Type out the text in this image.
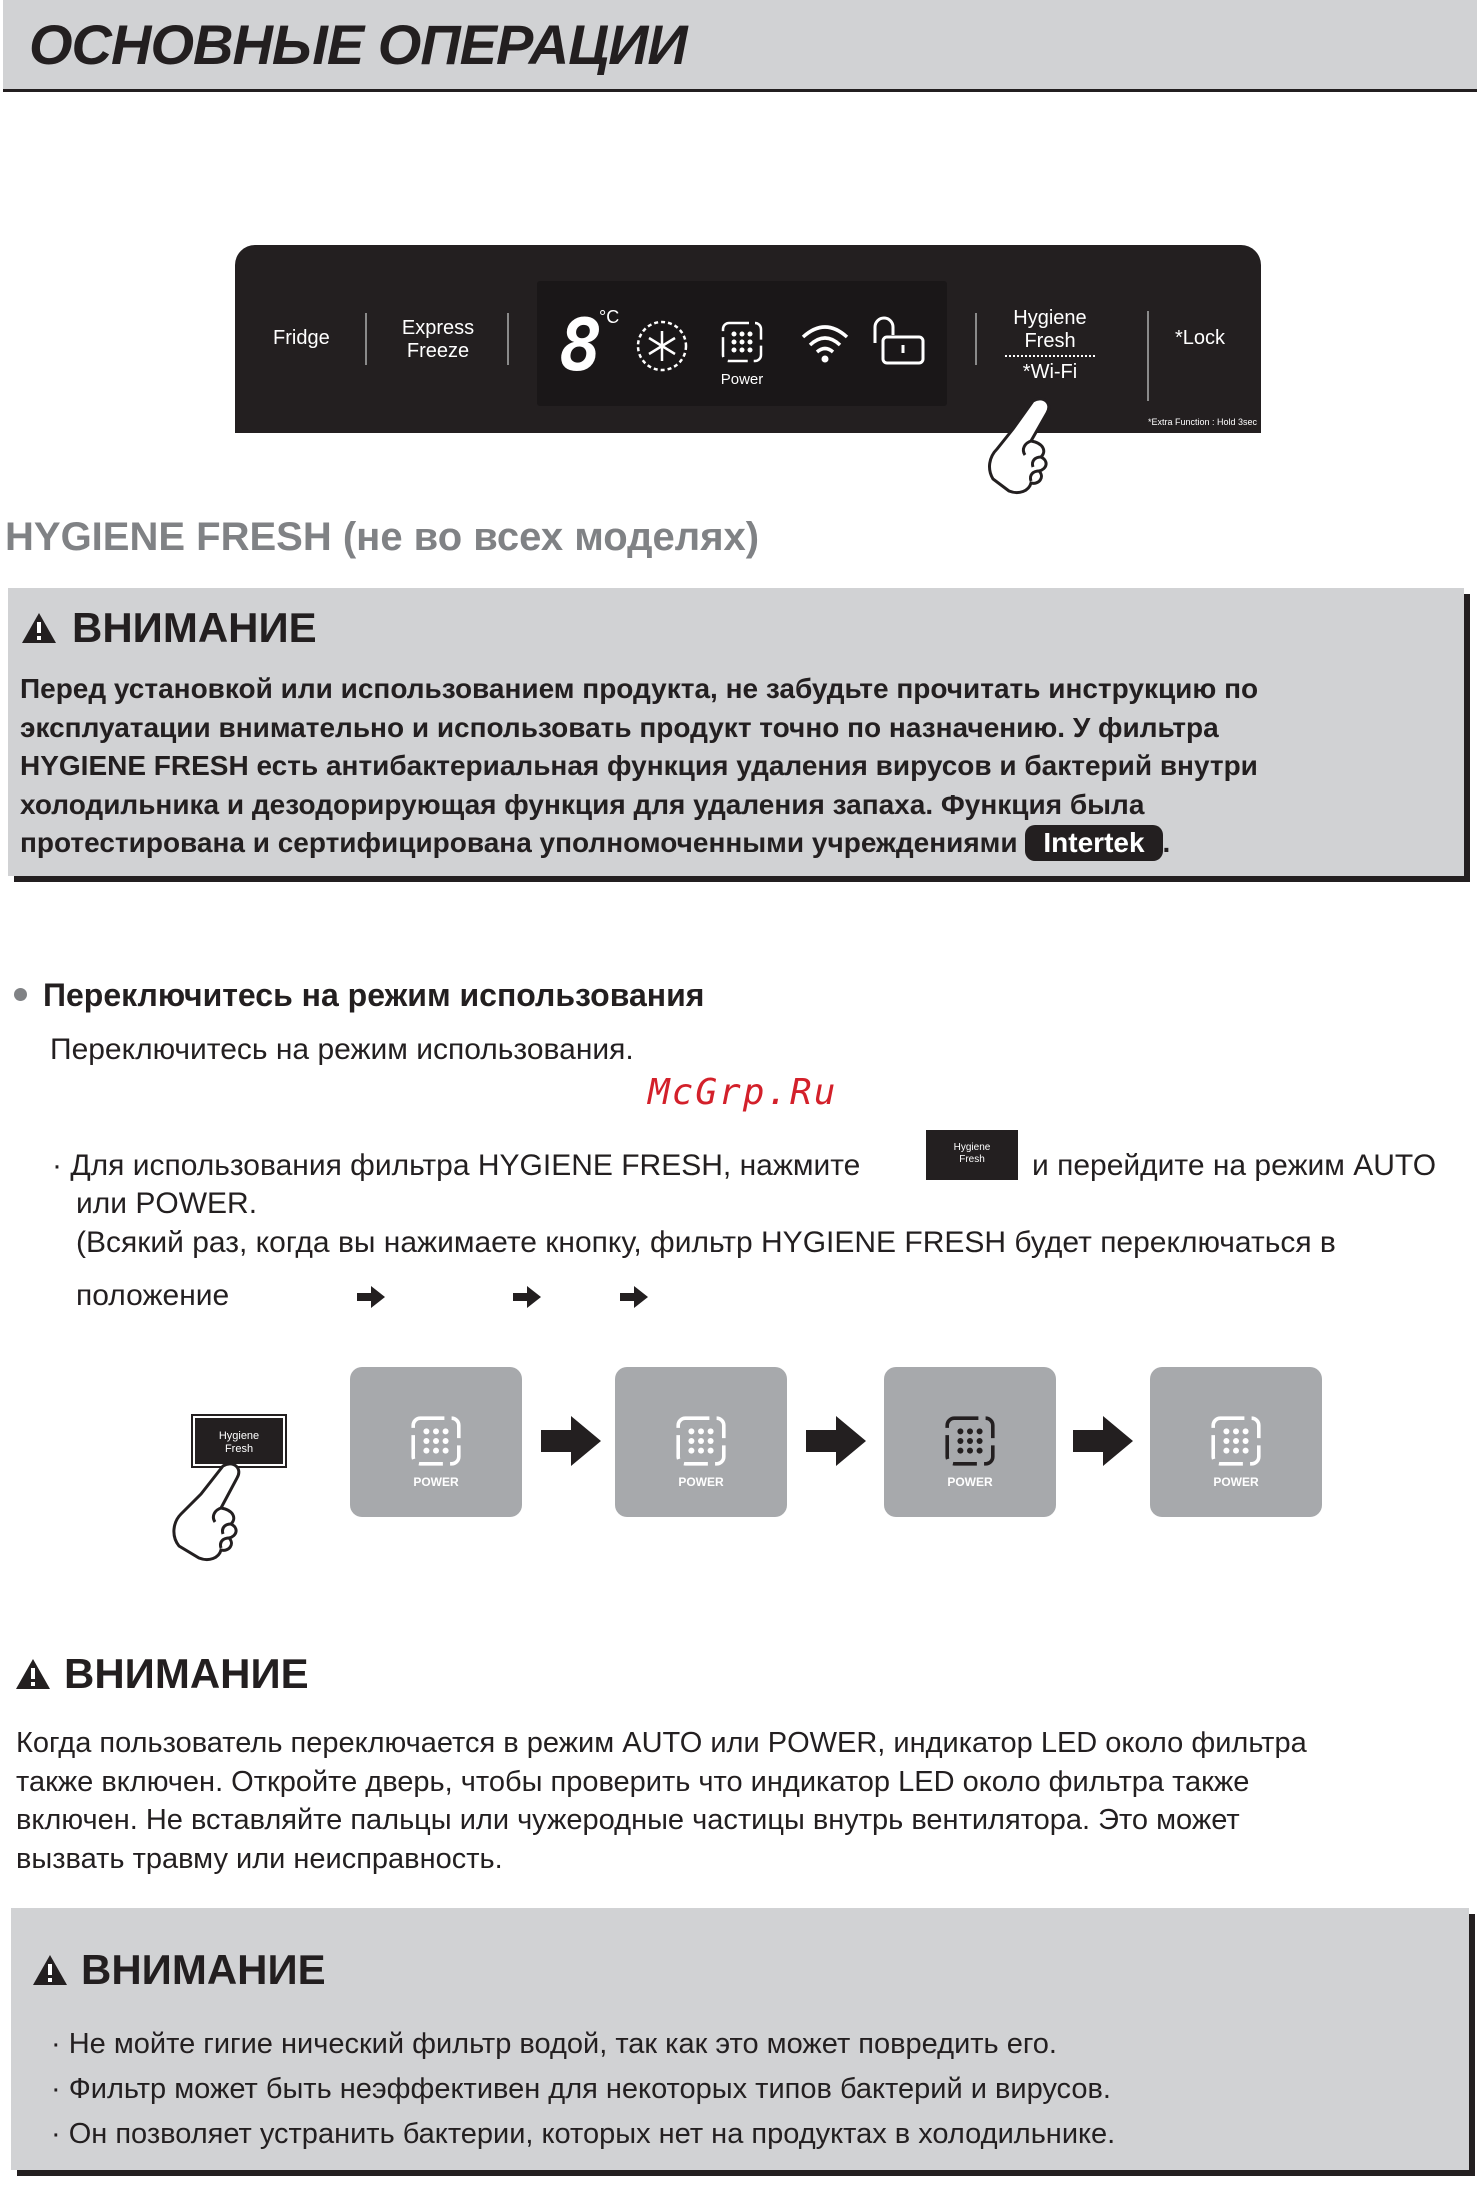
ОСНОВНЫЕ ОПЕРАЦИИ
Fridge	Express
Freeze 8
°C
Power
Hygiene
Fresh
*Wi-Fi
*Lock
*Extra Function : Hold 3sec
HYGIENE FRESH (не во всех моделях)
ВНИМАНИЕ
Перед установкой или использованием продукта, не забудьте прочитать инструкцию по
эксплуатации внимательно и использовать продукт точно по назначению. У фильтра
HYGIENE FRESH есть антибактериальная функция удаления вирусов и бактерий внутри
холодильника и дезодорирующая функция для удаления запаха. Функция была
протестирована и сертифицирована уполномоченными учреждениями Intertek .
Переключитесь на режим использования
Переключитесь на режим использования.
McGrp.Ru
· Для использования фильтра HYGIENE FRESH, нажмите
Hygiene
Fresh	и перейдите на режим AUTO
или POWER.
(Всякий раз, когда вы нажимаете кнопку, фильтр HYGIENE FRESH будет переключаться в
положение
Hygiene
Fresh
POWER	POWER	POWER	POWER
ВНИМАНИЕ
Когда пользователь переключается в режим AUTO или POWER, индикатор LED около фильтра
также включен. Откройте дверь, чтобы проверить что индикатор LED около фильтра также
включен. Не вставляйте пальцы или чужеродные частицы внутрь вентилятора. Это может
вызвать травму или неисправность.
ВНИМАНИЕ
· Не мойте гигие нический фильтр водой, так как это может повредить его.
· Фильтр может быть неэффективен для некоторых типов бактерий и вирусов.
· Он позволяет устранить бактерии, которых нет на продуктах в холодильнике.
